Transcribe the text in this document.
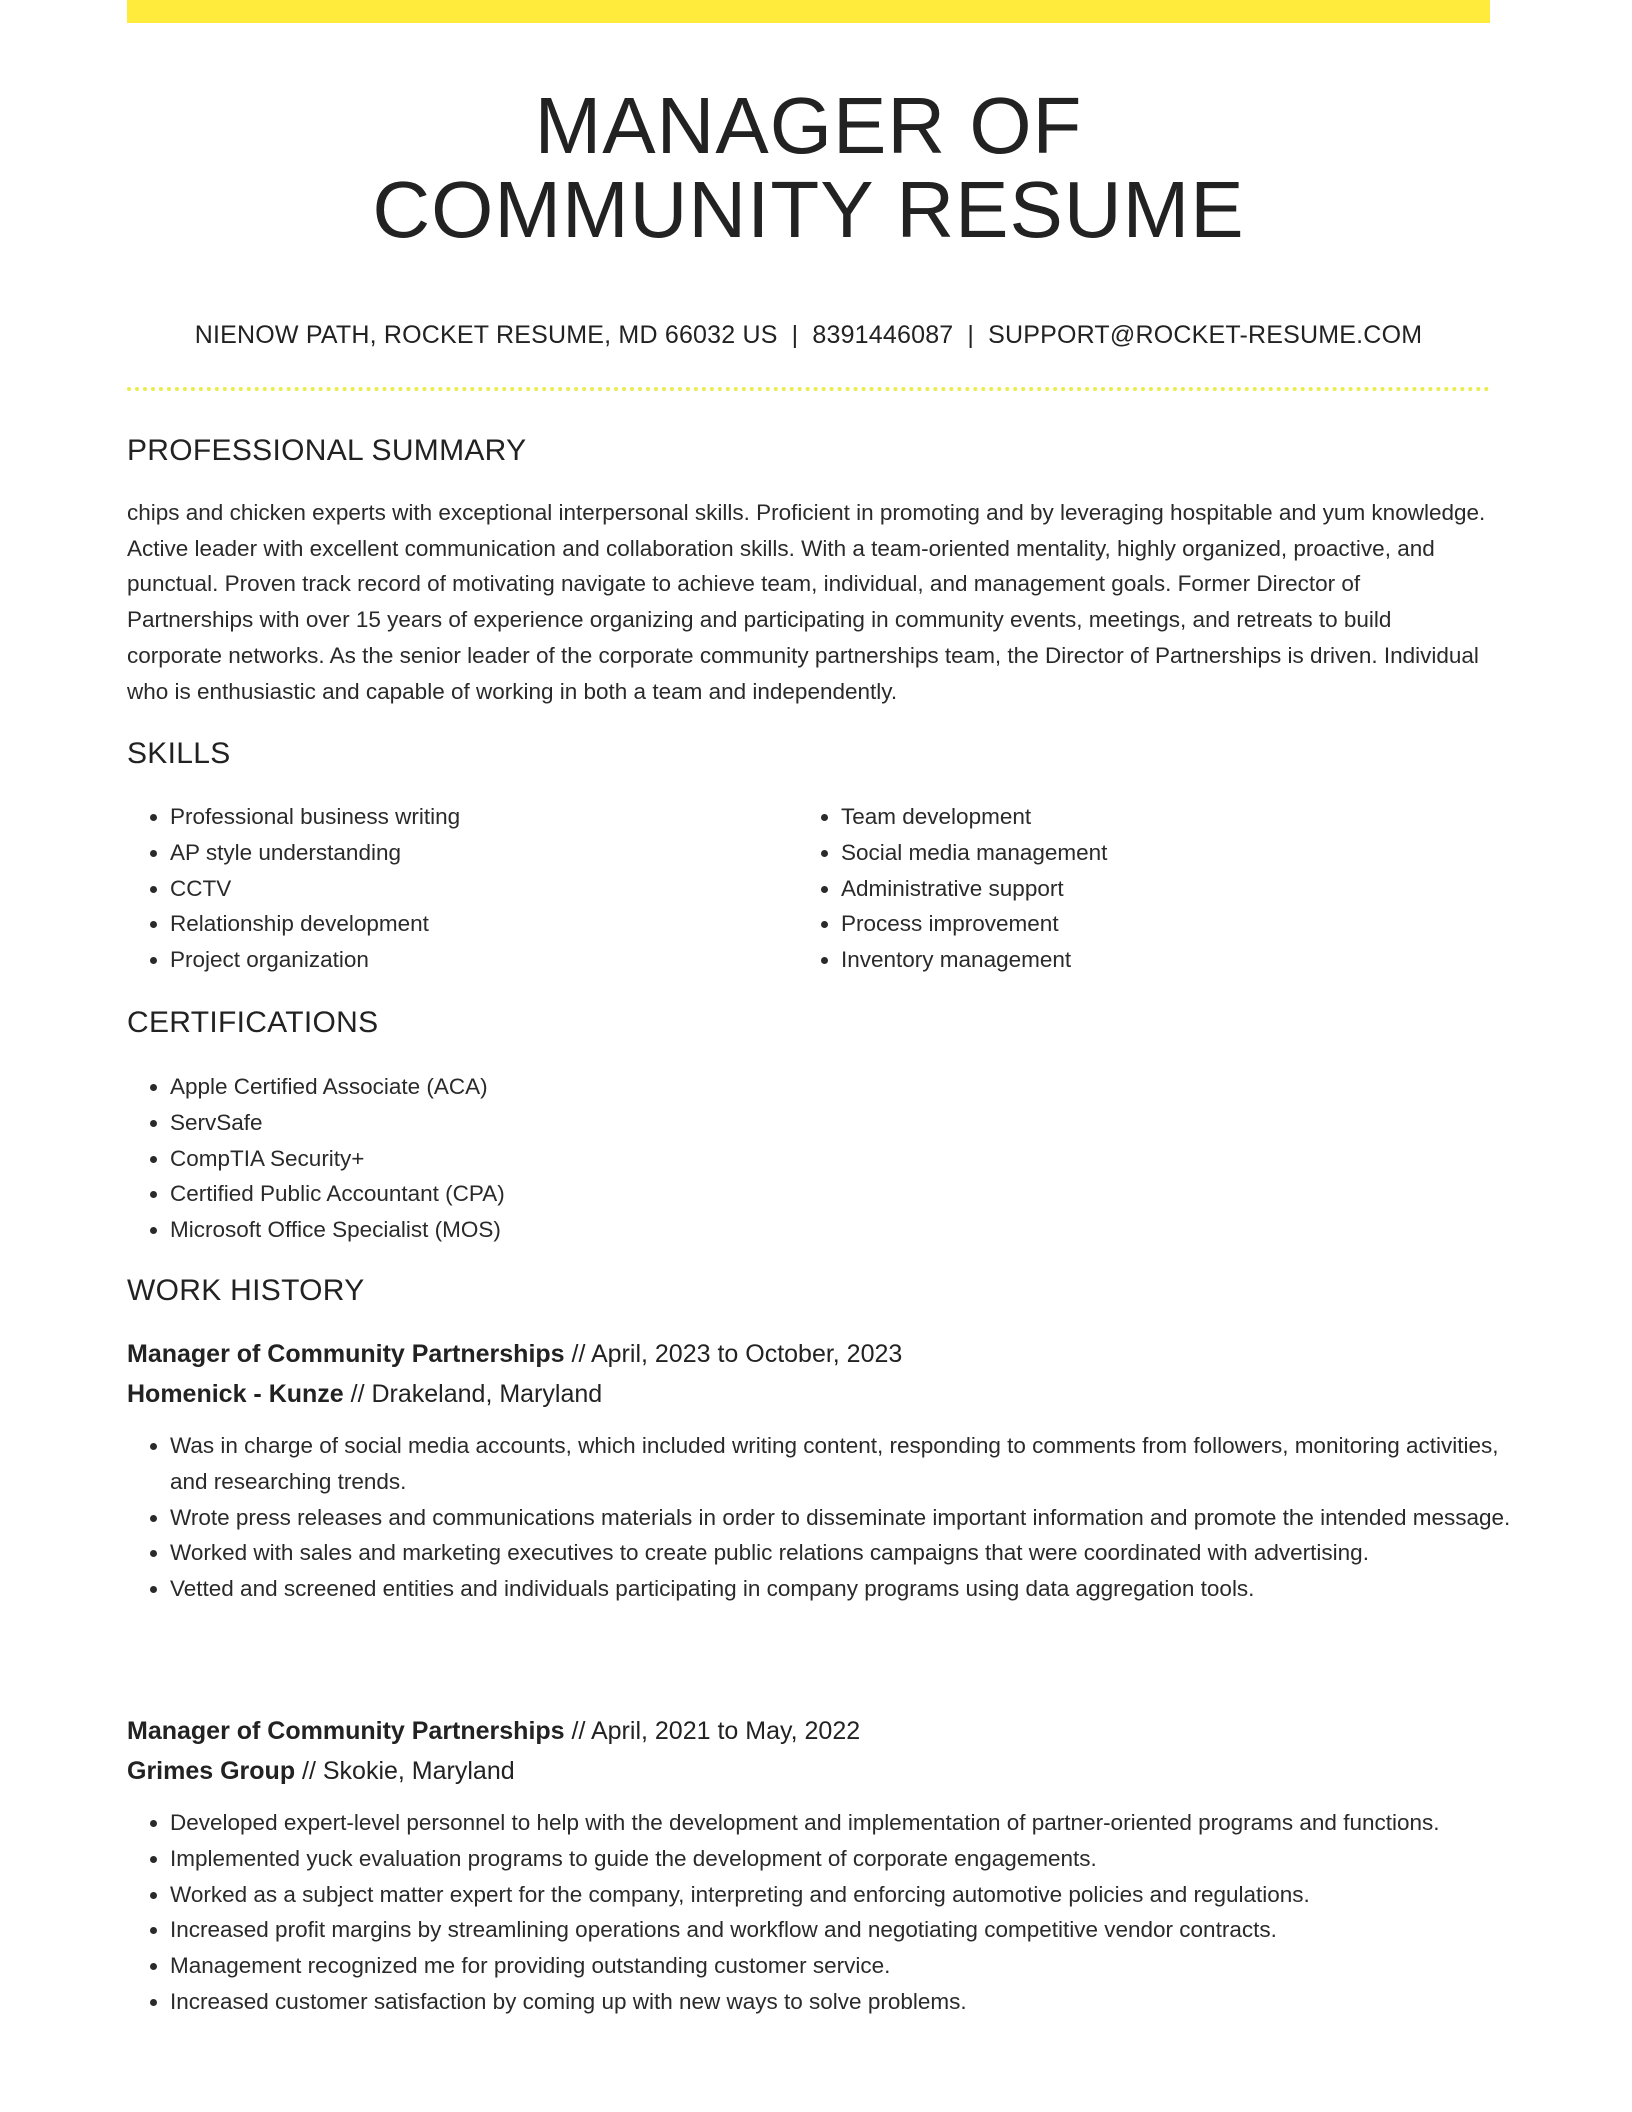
MANAGER OF
COMMUNITY RESUME
NIENOW PATH, ROCKET RESUME, MD 66032 US | 8391446087 | SUPPORT@ROCKET-RESUME.COM
PROFESSIONAL SUMMARY
chips and chicken experts with exceptional interpersonal skills. Proficient in promoting and by leveraging hospitable and yum knowledge. Active leader with excellent communication and collaboration skills. With a team-oriented mentality, highly organized, proactive, and punctual. Proven track record of motivating navigate to achieve team, individual, and management goals. Former Director of Partnerships with over 15 years of experience organizing and participating in community events, meetings, and retreats to build corporate networks. As the senior leader of the corporate community partnerships team, the Director of Partnerships is driven. Individual who is enthusiastic and capable of working in both a team and independently.
SKILLS
• Professional business writing
• AP style understanding
• CCTV
• Relationship development
• Project organization
• Team development
• Social media management
• Administrative support
• Process improvement
• Inventory management
CERTIFICATIONS
• Apple Certified Associate (ACA)
• ServSafe
• CompTIA Security+
• Certified Public Accountant (CPA)
• Microsoft Office Specialist (MOS)
WORK HISTORY
Manager of Community Partnerships // April, 2023 to October, 2023
Homenick - Kunze // Drakeland, Maryland
• Was in charge of social media accounts, which included writing content, responding to comments from followers, monitoring activities, and researching trends.
• Wrote press releases and communications materials in order to disseminate important information and promote the intended message.
• Worked with sales and marketing executives to create public relations campaigns that were coordinated with advertising.
• Vetted and screened entities and individuals participating in company programs using data aggregation tools.
Manager of Community Partnerships // April, 2021 to May, 2022
Grimes Group // Skokie, Maryland
• Developed expert-level personnel to help with the development and implementation of partner-oriented programs and functions.
• Implemented yuck evaluation programs to guide the development of corporate engagements.
• Worked as a subject matter expert for the company, interpreting and enforcing automotive policies and regulations.
• Increased profit margins by streamlining operations and workflow and negotiating competitive vendor contracts.
• Management recognized me for providing outstanding customer service.
• Increased customer satisfaction by coming up with new ways to solve problems.
